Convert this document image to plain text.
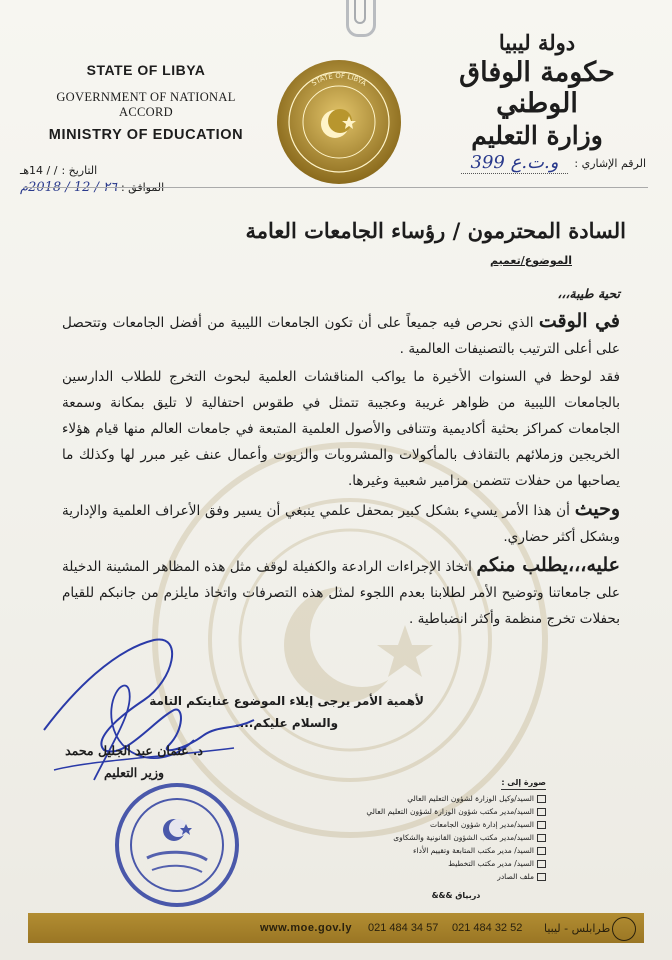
STATE OF LIBYA
GOVERNMENT OF NATIONAL ACCORD
MINISTRY OF EDUCATION
STATE OF LIBYA
دولة ليبيا
حكومة الوفاق الوطني
وزارة التعليم
التاريخ :
/ / 14هـ
الموافق :
٢٦ / 12 / 2018م
الرقم الإشاري :
و.ت.ع 399
السادة المحترمون / رؤساء الجامعات العامة
الموضوع/تعميم
تحية طيبة،،،

في الوقت الذي نحرص فيه جميعاً على أن تكون الجامعات الليبية من أفضل الجامعات وتتحصل على أعلى الترتيب بالتصنيفات العالمية .

فقد لوحظ في السنوات الأخيرة ما يواكب المناقشات العلمية لبحوث التخرج للطلاب الدارسين بالجامعات الليبية من ظواهر غريبة وعجيبة تتمثل في طقوس احتفالية لا تليق بمكانة وسمعة الجامعات كمراكز بحثية أكاديمية وتتنافى والأصول العلمية المتبعة في جامعات العالم منها قيام هؤلاء الخريجين وزملائهم بالتقاذف بالمأكولات والمشروبات والزيوت وأعمال عنف غير مبرر لها وكذلك ما يصاحبها من حفلات تتضمن مزامير شعبية وغيرها.

وحيث أن هذا الأمر يسيء بشكل كبير بمحفل علمي ينبغي أن يسير وفق الأعراف العلمية والإدارية وبشكل أكثر حضاري.

عليه،،،يطلب منكم اتخاذ الإجراءات الرادعة والكفيلة لوقف مثل هذه المظاهر المشينة الدخيلة على جامعاتنا وتوضيح الأمر لطلابنا بعدم اللجوء لمثل هذه التصرفات واتخاذ مايلزم من جانبكم للقيام بحفلات تخرج منظمة وأكثر انضباطية .

لأهمية الأمر يرجى إيلاء الموضوع عنايتكم التامة
والسلام عليكم....
د. عثمان عبد الجليل محمد
وزير التعليم
صورة إلى :
السيد/وكيل الوزارة لشؤون التعليم العالي
السيد/مدير مكتب شؤون الوزارة لشؤون التعليم العالي
السيد/مدير إدارة شؤون الجامعات
السيد/مدير مكتب الشؤون القانونية والشكاوى
السيد/ مدير مكتب المتابعة وتقييم الأداء
السيد/ مدير مكتب التخطيط
ملف الصادر
دربياق &&&
www.moe.gov.ly 021 484 34 57 021 484 32 52 طرابلس - ليبيا
